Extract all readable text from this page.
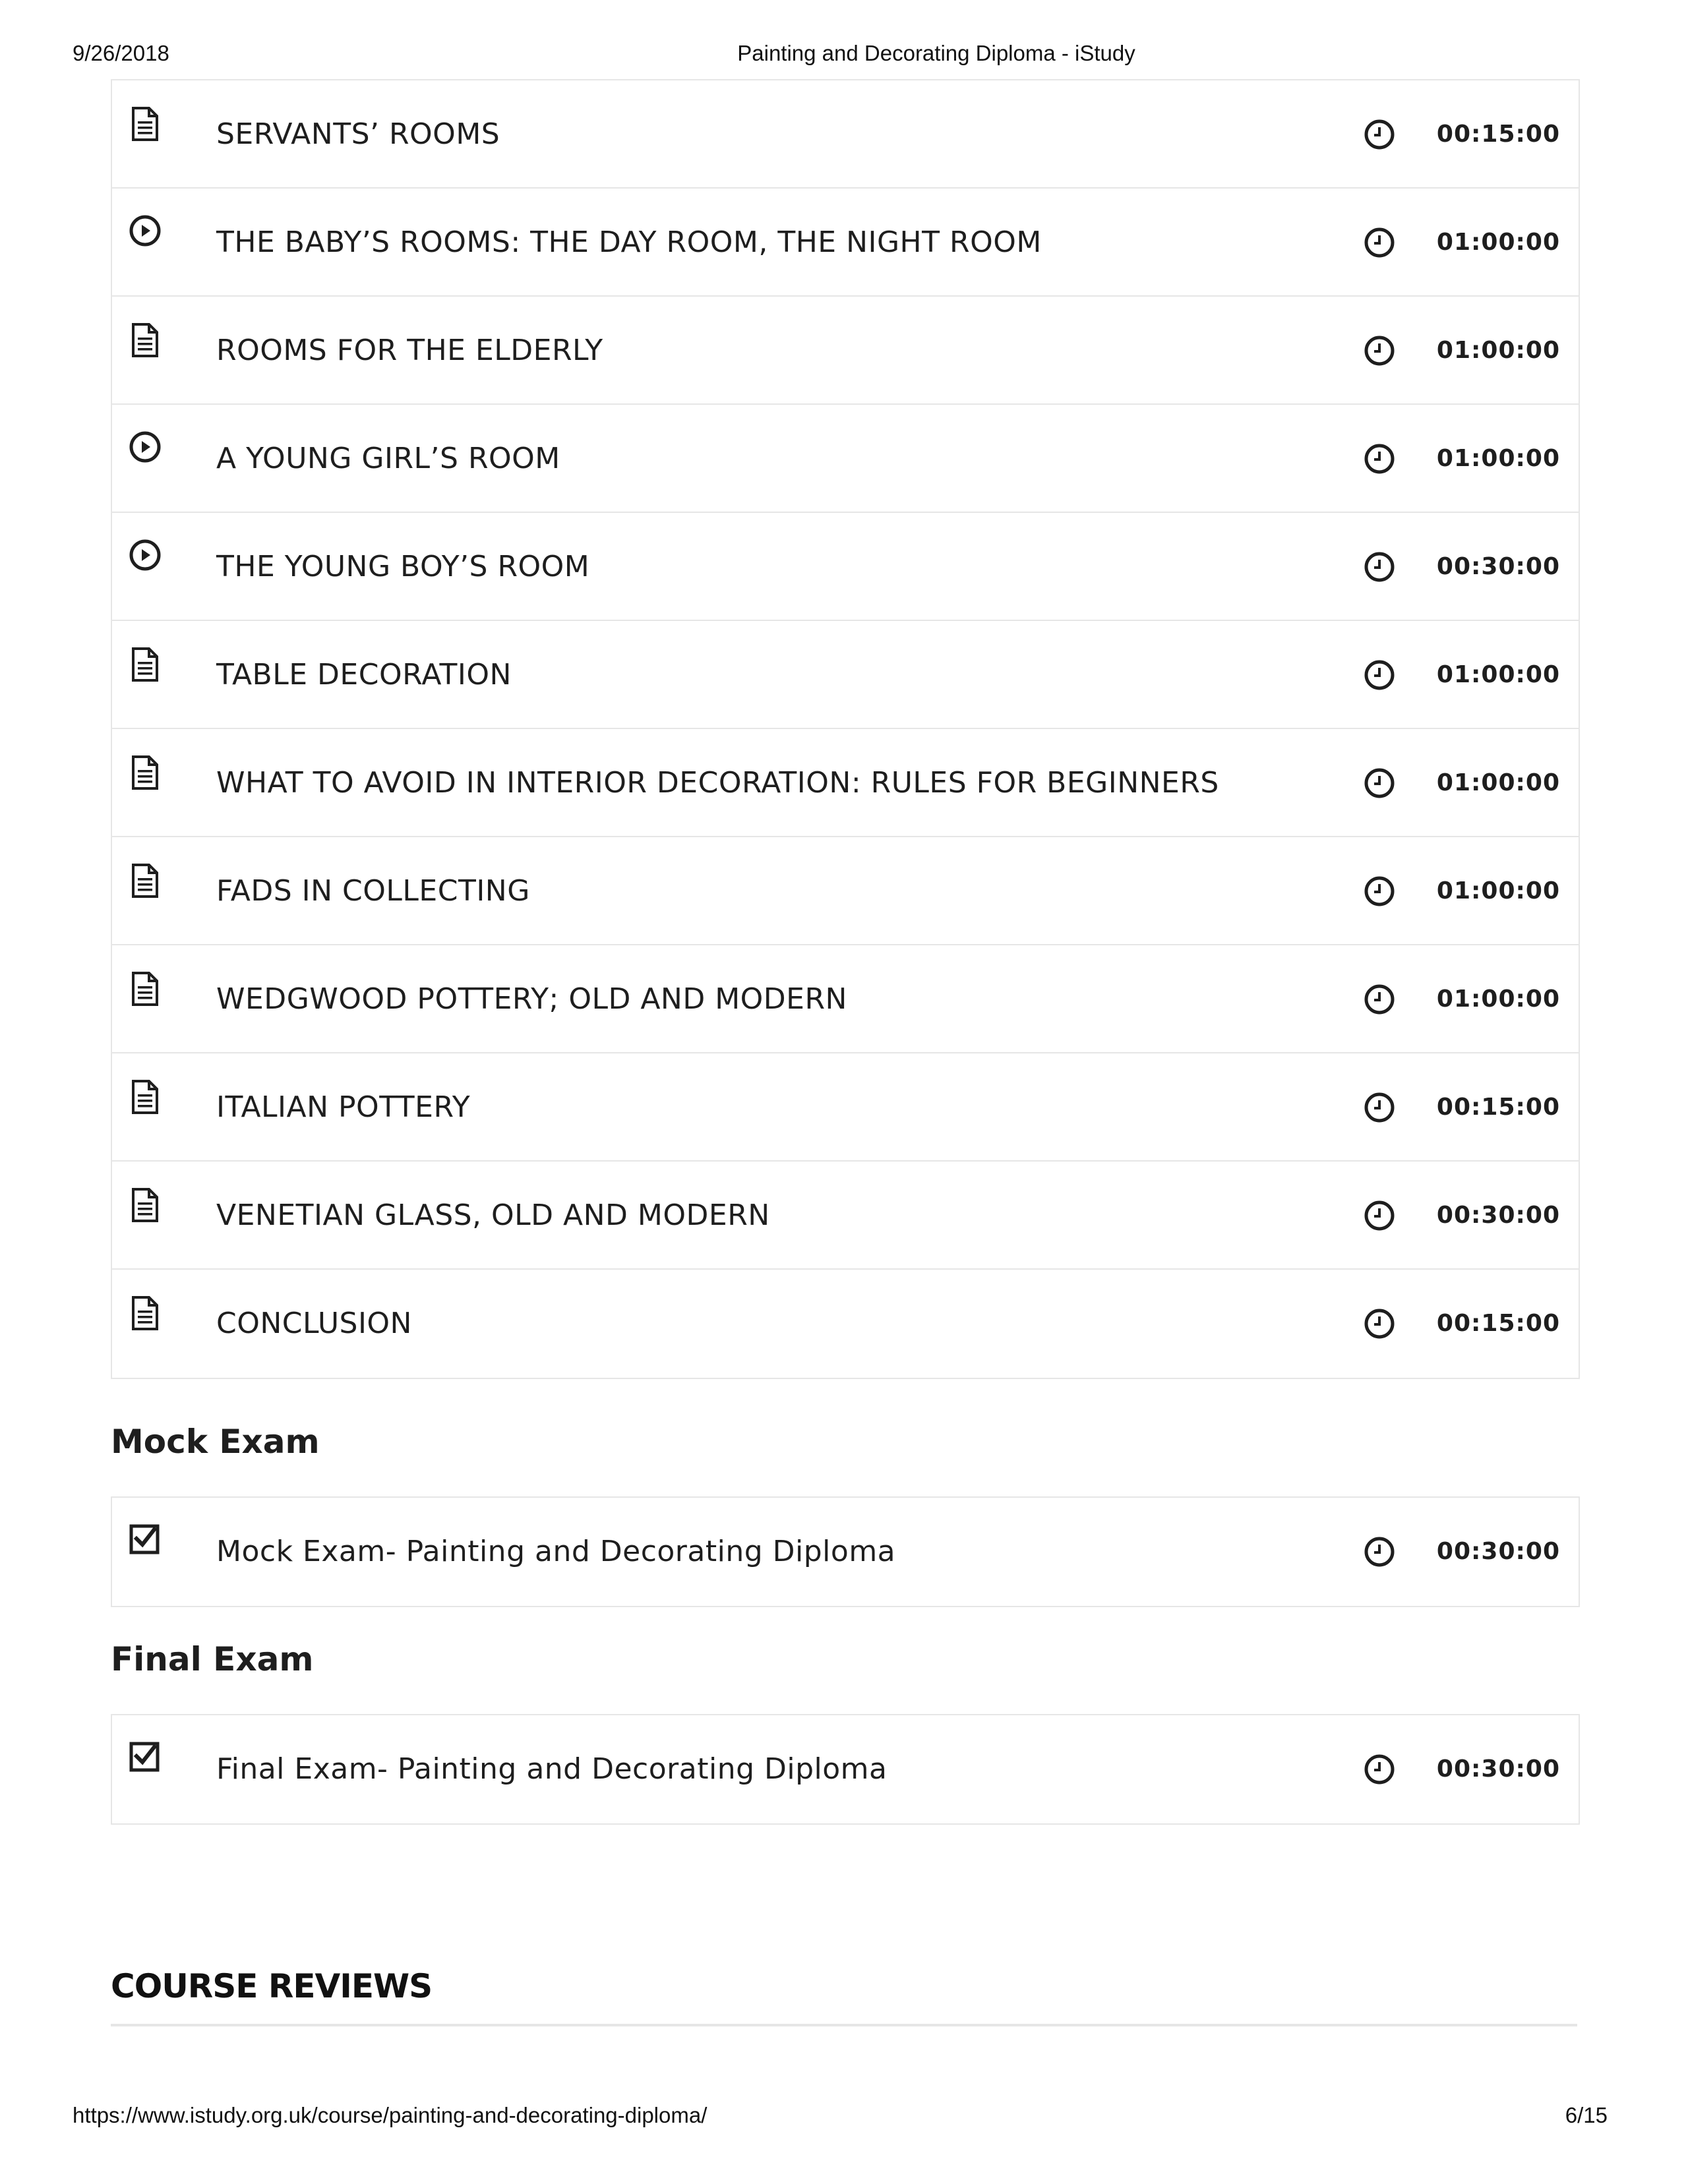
9/26/2018	Painting and Decorating Diploma - iStudy
SERVANTS’ ROOMS	00:15:00
THE BABY’S ROOMS: THE DAY ROOM, THE NIGHT ROOM	01:00:00
ROOMS FOR THE ELDERLY	01:00:00
A YOUNG GIRL’S ROOM	01:00:00
THE YOUNG BOY’S ROOM	00:30:00
TABLE DECORATION	01:00:00
WHAT TO AVOID IN INTERIOR DECORATION: RULES FOR BEGINNERS	01:00:00
FADS IN COLLECTING	01:00:00
WEDGWOOD POTTERY; OLD AND MODERN	01:00:00
ITALIAN POTTERY	00:15:00
VENETIAN GLASS, OLD AND MODERN	00:30:00
CONCLUSION	00:15:00
Mock Exam
Mock Exam- Painting and Decorating Diploma	00:30:00
Final Exam
Final Exam- Painting and Decorating Diploma	00:30:00
COURSE REVIEWS
https://www.istudy.org.uk/course/painting-and-decorating-diploma/	6/15
